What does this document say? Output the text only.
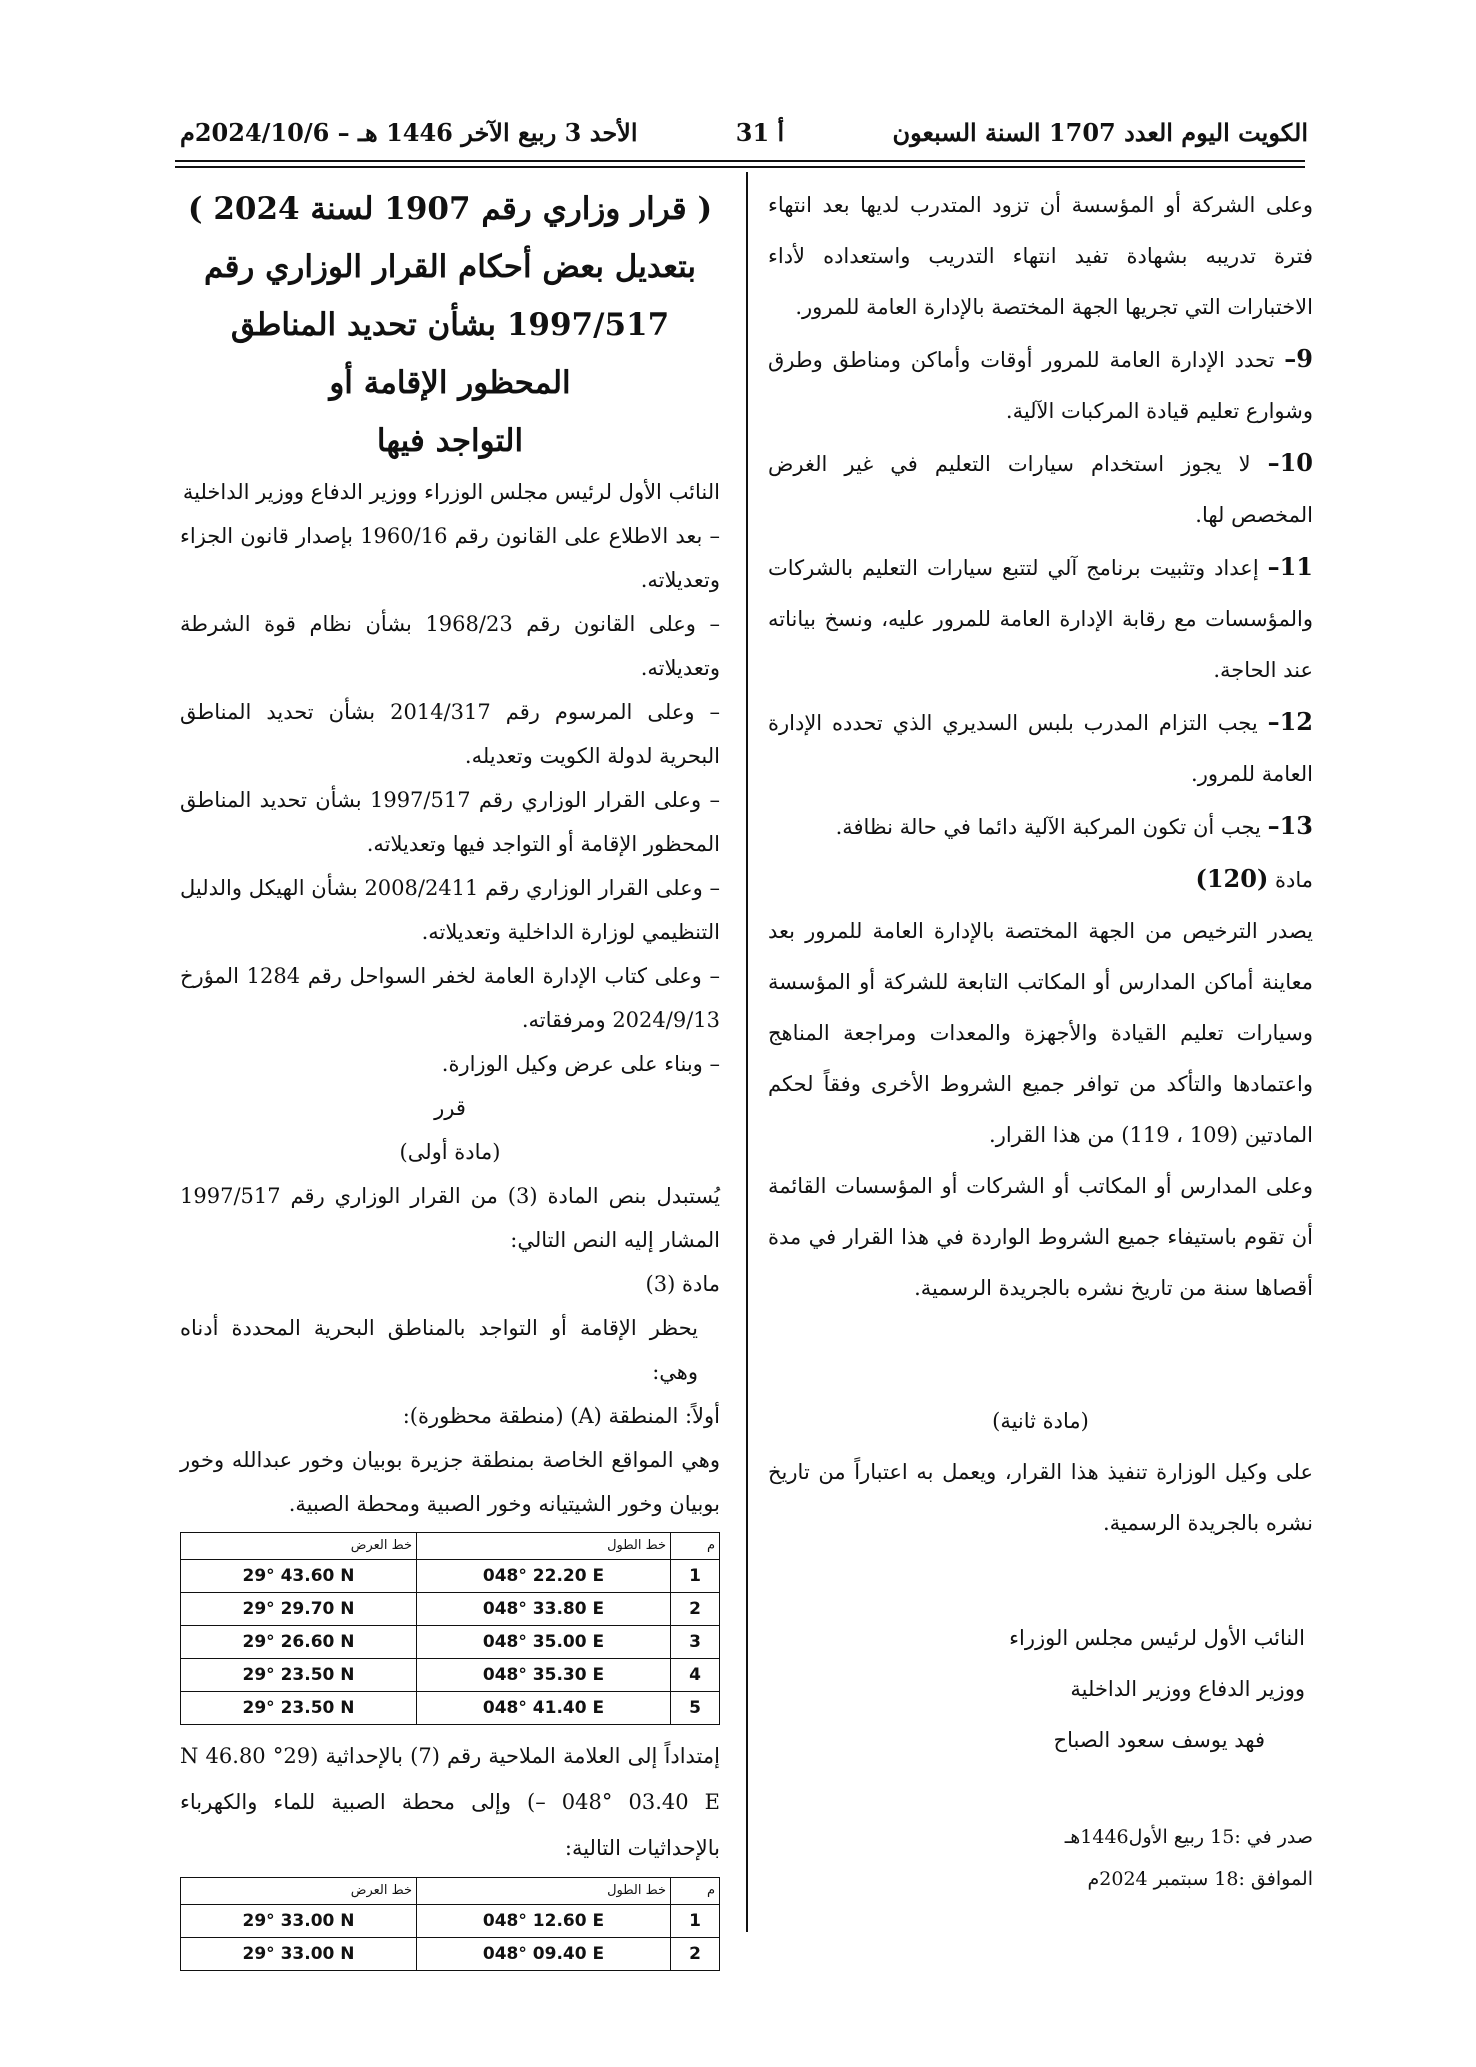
الكويت اليوم العدد 1707 السنة السبعون
أ 31
الأحد 3 ربيع الآخر 1446 هـ – 2024/10/6م

وعلى الشركة أو المؤسسة أن تزود المتدرب لديها بعد انتهاء فترة تدريبه بشهادة تفيد انتهاء التدريب واستعداده لأداء الاختبارات التي تجريها الجهة المختصة بالإدارة العامة للمرور.

9– تحدد الإدارة العامة للمرور أوقات وأماكن ومناطق وطرق وشوارع تعليم قيادة المركبات الآلية.

10– لا يجوز استخدام سيارات التعليم في غير الغرض المخصص لها.

11– إعداد وتثبيت برنامج آلي لتتبع سيارات التعليم بالشركات والمؤسسات مع رقابة الإدارة العامة للمرور عليه، ونسخ بياناته عند الحاجة.

12– يجب التزام المدرب بلبس السديري الذي تحدده الإدارة العامة للمرور.

13– يجب أن تكون المركبة الآلية دائما في حالة نظافة.

مادة (120)

يصدر الترخيص من الجهة المختصة بالإدارة العامة للمرور بعد معاينة أماكن المدارس أو المكاتب التابعة للشركة أو المؤسسة وسيارات تعليم القيادة والأجهزة والمعدات ومراجعة المناهج واعتمادها والتأكد من توافر جميع الشروط الأخرى وفقاً لحكم المادتين (109 ، 119) من هذا القرار.

وعلى المدارس أو المكاتب أو الشركات أو المؤسسات القائمة أن تقوم باستيفاء جميع الشروط الواردة في هذا القرار في مدة أقصاها سنة من تاريخ نشره بالجريدة الرسمية.

(مادة ثانية)

على وكيل الوزارة تنفيذ هذا القرار، ويعمل به اعتباراً من تاريخ نشره بالجريدة الرسمية.

النائب الأول لرئيس مجلس الوزراء

ووزير الدفاع ووزير الداخلية

فهد يوسف سعود الصباح

صدر في :15 ربيع الأول1446هـ

الموافق :18 سبتمبر 2024م

( قرار وزاري رقم 1907 لسنة 2024 )

بتعديل بعض أحكام القرار الوزاري رقم

1997/517 بشأن تحديد المناطق المحظور الإقامة أو

التواجد فيها

النائب الأول لرئيس مجلس الوزراء ووزير الدفاع ووزير الداخلية

– بعد الاطلاع على القانون رقم 1960/16 بإصدار قانون الجزاء وتعديلاته.

– وعلى القانون رقم 1968/23 بشأن نظام قوة الشرطة وتعديلاته.

– وعلى المرسوم رقم 2014/317 بشأن تحديد المناطق البحرية لدولة الكويت وتعديله.

– وعلى القرار الوزاري رقم 1997/517 بشأن تحديد المناطق المحظور الإقامة أو التواجد فيها وتعديلاته.

– وعلى القرار الوزاري رقم 2008/2411 بشأن الهيكل والدليل التنظيمي لوزارة الداخلية وتعديلاته.

– وعلى كتاب الإدارة العامة لخفر السواحل رقم 1284 المؤرخ 2024/9/13 ومرفقاته.

– وبناء على عرض وكيل الوزارة.

قرر

(مادة أولى)

يُستبدل بنص المادة (3) من القرار الوزاري رقم 1997/517 المشار إليه النص التالي:

مادة (3)

يحظر الإقامة أو التواجد بالمناطق البحرية المحددة أدناه وهي:

أولاً: المنطقة (A) (منطقة محظورة):

وهي المواقع الخاصة بمنطقة جزيرة بوبيان وخور عبدالله وخور بوبيان وخور الشيتيانه وخور الصبية ومحطة الصبية.

م	خط الطول	خط العرض
1	048° 22.20 E	29° 43.60 N
2	048° 33.80 E	29° 29.70 N
3	048° 35.00 E	29° 26.60 N
4	048° 35.30 E	29° 23.50 N
5	048° 41.40 E	29° 23.50 N

إمتداداً إلى العلامة الملاحية رقم (7) بالإحداثية (29° 46.80 N – 048° 03.40 E) وإلى محطة الصبية للماء والكهرباء بالإحداثيات التالية:

م	خط الطول	خط العرض
1	048° 12.60 E	29° 33.00 N
2	048° 09.40 E	29° 33.00 N
